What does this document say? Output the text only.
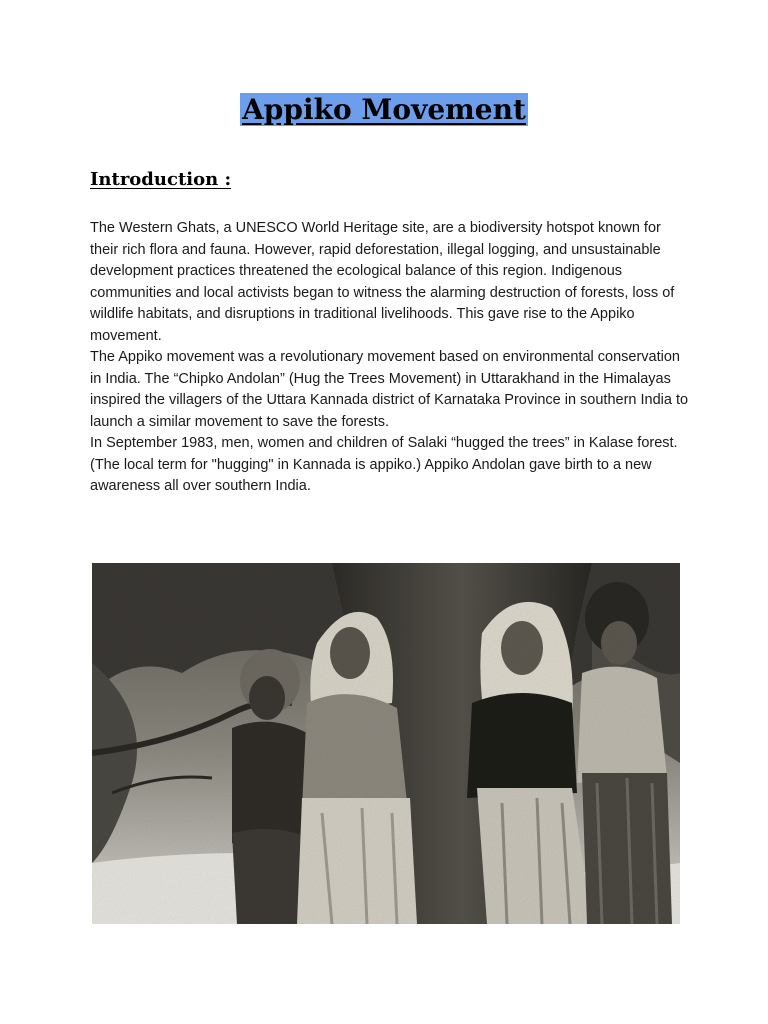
Appiko Movement
Introduction :

The Western Ghats, a UNESCO World Heritage site, are a biodiversity hotspot known for their rich flora and fauna. However, rapid deforestation, illegal logging, and unsustainable development practices threatened the ecological balance of this region. Indigenous communities and local activists began to witness the alarming destruction of forests, loss of wildlife habitats, and disruptions in traditional livelihoods. This gave rise to the Appiko movement.

The Appiko movement was a revolutionary movement based on environmental conservation in India. The “Chipko Andolan” (Hug the Trees Movement) in Uttarakhand in the Himalayas inspired the villagers of the Uttara Kannada district of Karnataka Province in southern India to launch a similar movement to save the forests.

In September 1983, men, women and children of Salaki “hugged the trees” in Kalase forest. (The local term for "hugging" in Kannada is appiko.) Appiko Andolan gave birth to a new awareness all over southern India.
